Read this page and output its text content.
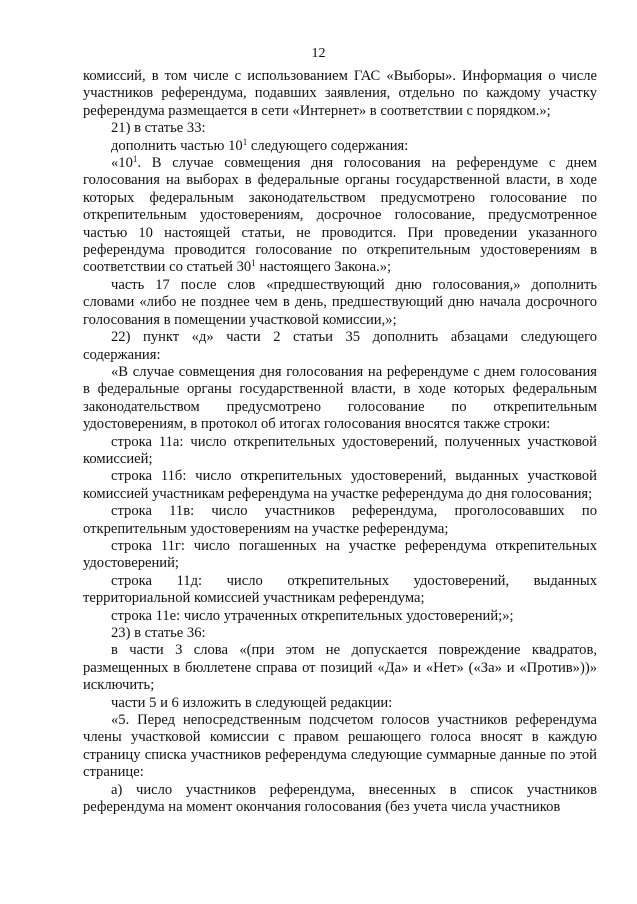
12

комиссий, в том числе с использованием ГАС «Выборы». Информация о числе участников референдума, подавших заявления, отдельно по каждому участку референдума размещается в сети «Интернет» в соответствии с порядком.»;

21) в статье 33:

дополнить частью $10^1$ следующего содержания:

«$10^1$. В случае совмещения дня голосования на референдуме с днем голосования на выборах в федеральные органы государственной власти, в ходе которых федеральным законодательством предусмотрено голосование по открепительным удостоверениям, досрочное голосование, предусмотренное частью 10 настоящей статьи, не проводится. При проведении указанного референдума проводится голосование по открепительным удостоверениям в соответствии со статьей $30^1$ настоящего Закона.»;

часть 17 после слов «предшествующий дню голосования,» дополнить словами «либо не позднее чем в день, предшествующий дню начала досрочного голосования в помещении участковой комиссии,»;

22) пункт «д» части 2 статьи 35 дополнить абзацами следующего содержания:

«В случае совмещения дня голосования на референдуме с днем голосования в федеральные органы государственной власти, в ходе которых федеральным законодательством предусмотрено голосование по открепительным удостоверениям, в протокол об итогах голосования вносятся также строки:

строка 11а: число открепительных удостоверений, полученных участковой комиссией;

строка 11б: число открепительных удостоверений, выданных участковой комиссией участникам референдума на участке референдума до дня голосования;

строка 11в: число участников референдума, проголосовавших по открепительным удостоверениям на участке референдума;

строка 11г: число погашенных на участке референдума открепительных удостоверений;

строка 11д: число открепительных удостоверений, выданных территориальной комиссией участникам референдума;

строка 11е: число утраченных открепительных удостоверений;»;

23) в статье 36:

в части 3 слова «(при этом не допускается повреждение квадратов, размещенных в бюллетене справа от позиций «Да» и «Нет» («За» и «Против»))» исключить;

части 5 и 6 изложить в следующей редакции:

«5. Перед непосредственным подсчетом голосов участников референдума члены участковой комиссии с правом решающего голоса вносят в каждую страницу списка участников референдума следующие суммарные данные по этой странице:

а) число участников референдума, внесенных в список участников референдума на момент окончания голосования (без учета числа участников
